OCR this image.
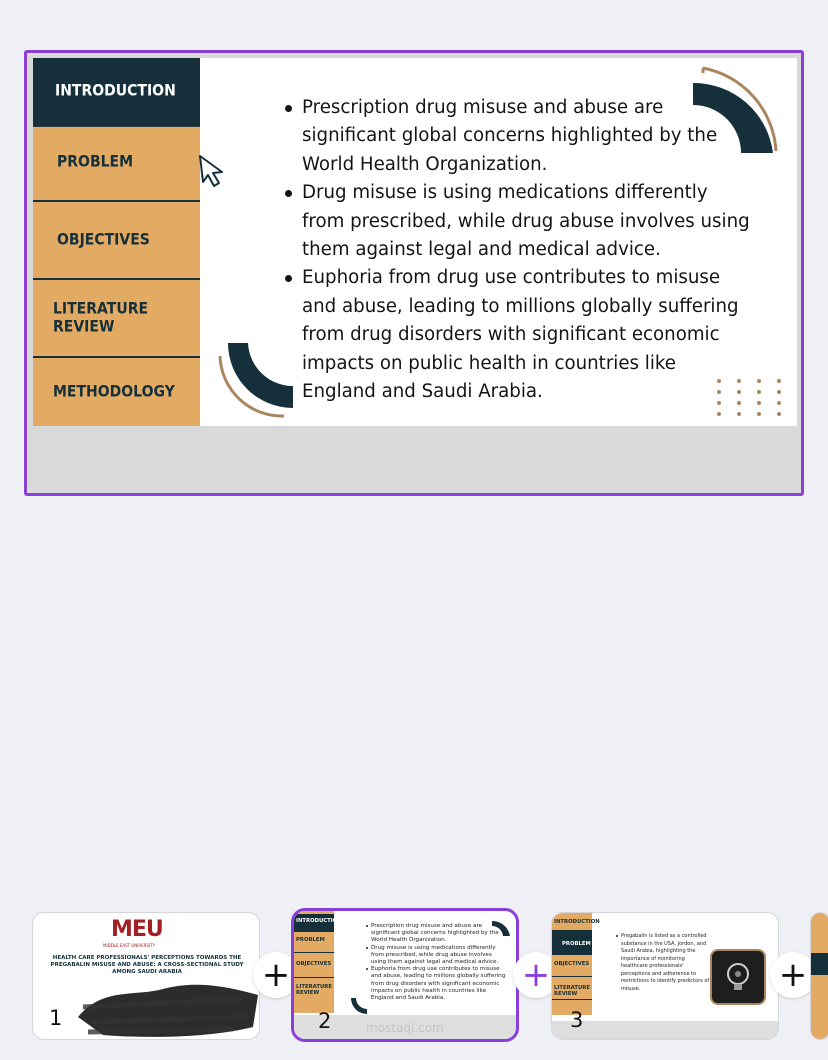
INTRODUCTION
PROBLEM
OBJECTIVES
LITERATURE REVIEW
METHODOLOGY
Prescription drug misuse and abuse are significant global concerns highlighted by the World Health Organization.
Drug misuse is using medications differently from prescribed, while drug abuse involves using them against legal and medical advice.
Euphoria from drug use contributes to misuse and abuse, leading to millions globally suffering from drug disorders with significant economic impacts on public health in countries like England and Saudi Arabia.
MEU
MIDDLE EAST UNIVERSITY
HEALTH CARE PROFESSIONALS' PERCEPTIONS TOWARDS THE PREGABALIN MISUSE AND ABUSE: A CROSS-SECTIONAL STUDY AMONG SAUDI ARABIA
1
+
INTRODUCTION
PROBLEM
OBJECTIVES
LITERATURE REVIEW
Prescription drug misuse and abuse are significant global concerns highlighted by the World Health Organization.
Drug misuse is using medications differently from prescribed, while drug abuse involves using them against legal and medical advice.
Euphoria from drug use contributes to misuse and abuse, leading to millions globally suffering from drug disorders with significant economic impacts on public health in countries like England and Saudi Arabia.
mostaql.com
2
+
INTRODUCTION
PROBLEM
OBJECTIVES
LITERATURE REVIEW
Pregabalin is listed as a controlled substance in the USA, Jordon, and Saudi Arabia, highlighting the importance of monitoring healthcare professionals' perceptions and adherence to restrictions to identify predictors of misuse.
3
+
